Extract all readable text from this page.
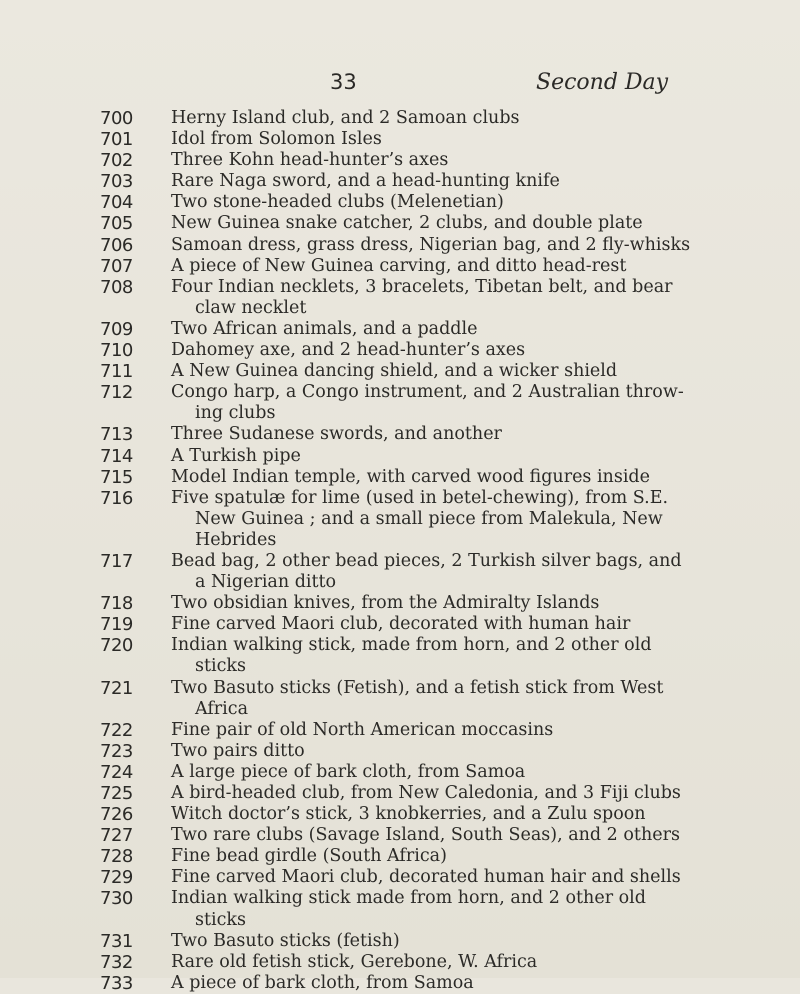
33	Second Day
700	Herny Island club, and 2 Samoan clubs
701	Idol from Solomon Isles
702	Three Kohn head-hunter’s axes
703	Rare Naga sword, and a head-hunting knife
704	Two stone-headed clubs (Melenetian)
705	New Guinea snake catcher, 2 clubs, and double plate
706	Samoan dress, grass dress, Nigerian bag, and 2 fly-whisks
707	A piece of New Guinea carving, and ditto head-rest
708	Four Indian necklets, 3 bracelets, Tibetan belt, and bear
claw necklet
709	Two African animals, and a paddle
710	Dahomey axe, and 2 head-hunter’s axes
711	A New Guinea dancing shield, and a wicker shield
712	Congo harp, a Congo instrument, and 2 Australian throw-
ing clubs
713	Three Sudanese swords, and another
714	A Turkish pipe
715	Model Indian temple, with carved wood figures inside
716	Five spatulæ for lime (used in betel-chewing), from S.E.
New Guinea ; and a small piece from Malekula, New
Hebrides
717	Bead bag, 2 other bead pieces, 2 Turkish silver bags, and
a Nigerian ditto
718	Two obsidian knives, from the Admiralty Islands
719	Fine carved Maori club, decorated with human hair
720	Indian walking stick, made from horn, and 2 other old
sticks
721	Two Basuto sticks (Fetish), and a fetish stick from West
Africa
722	Fine pair of old North American moccasins
723	Two pairs ditto
724	A large piece of bark cloth, from Samoa
725	A bird-headed club, from New Caledonia, and 3 Fiji clubs
726	Witch doctor’s stick, 3 knobkerries, and a Zulu spoon
727	Two rare clubs (Savage Island, South Seas), and 2 others
728	Fine bead girdle (South Africa)
729	Fine carved Maori club, decorated human hair and shells
730	Indian walking stick made from horn, and 2 other old
sticks
731	Two Basuto sticks (fetish)
732	Rare old fetish stick, Gerebone, W. Africa
733	A piece of bark cloth, from Samoa
